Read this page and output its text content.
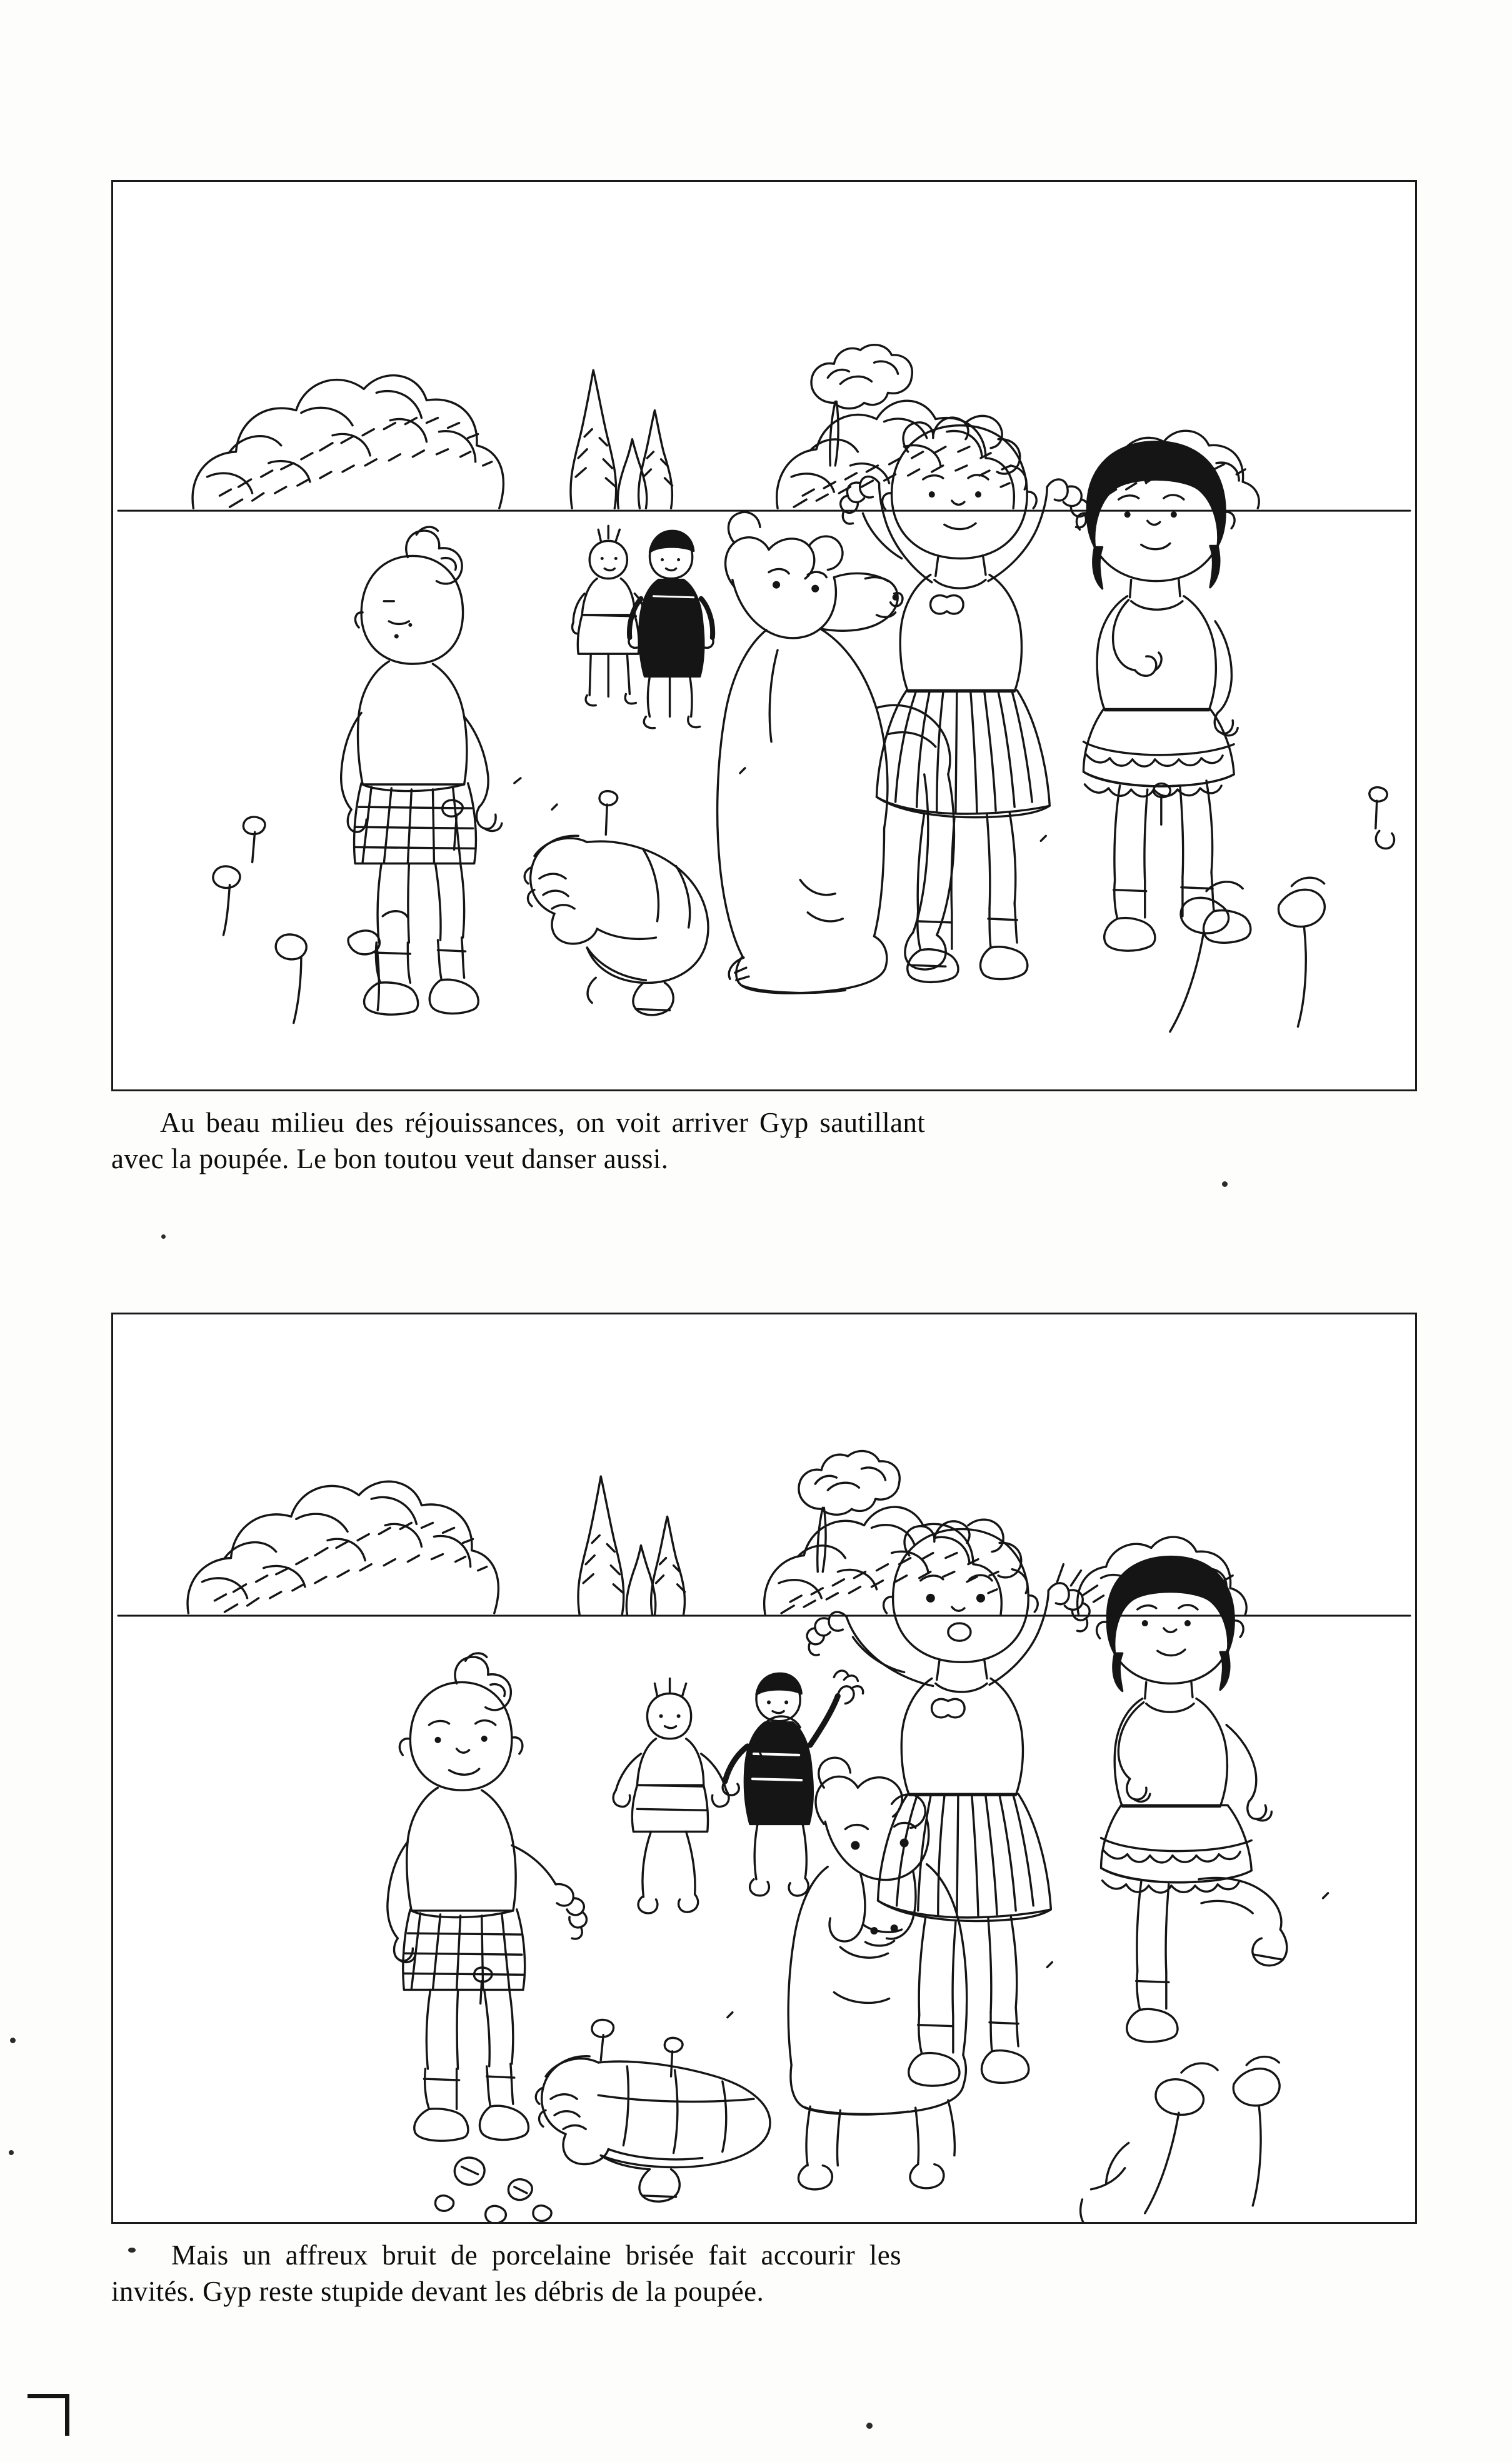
Au beau milieu des réjouissances, on voit arriver Gyp sautillant
avec la poupée. Le bon toutou veut danser aussi.
Mais un affreux bruit de porcelaine brisée fait accourir les
invités. Gyp reste stupide devant les débris de la poupée.
